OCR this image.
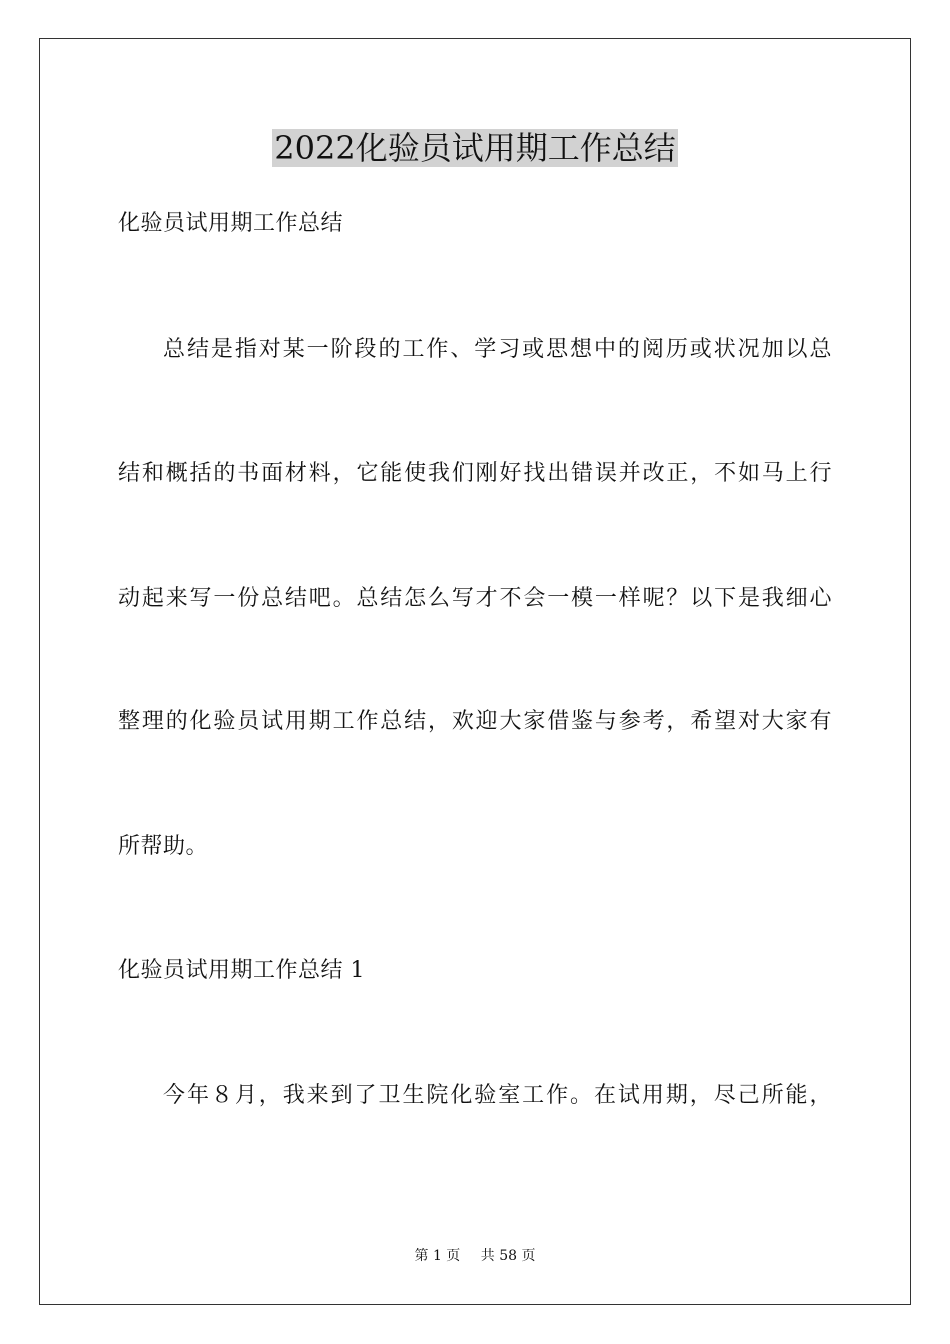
2022化验员试用期工作总结
化验员试用期工作总结
总结是指对某一阶段的工作、学习或思想中的阅历或状况加以总
结和概括的书面材料，它能使我们刚好找出错误并改正，不如马上行
动起来写一份总结吧。总结怎么写才不会一模一样呢？以下是我细心
整理的化验员试用期工作总结，欢迎大家借鉴与参考，希望对大家有
所帮助。
化验员试用期工作总结 1
今年８月，我来到了卫生院化验室工作。在试用期，尽己所能，
第 1 页 共 58 页
